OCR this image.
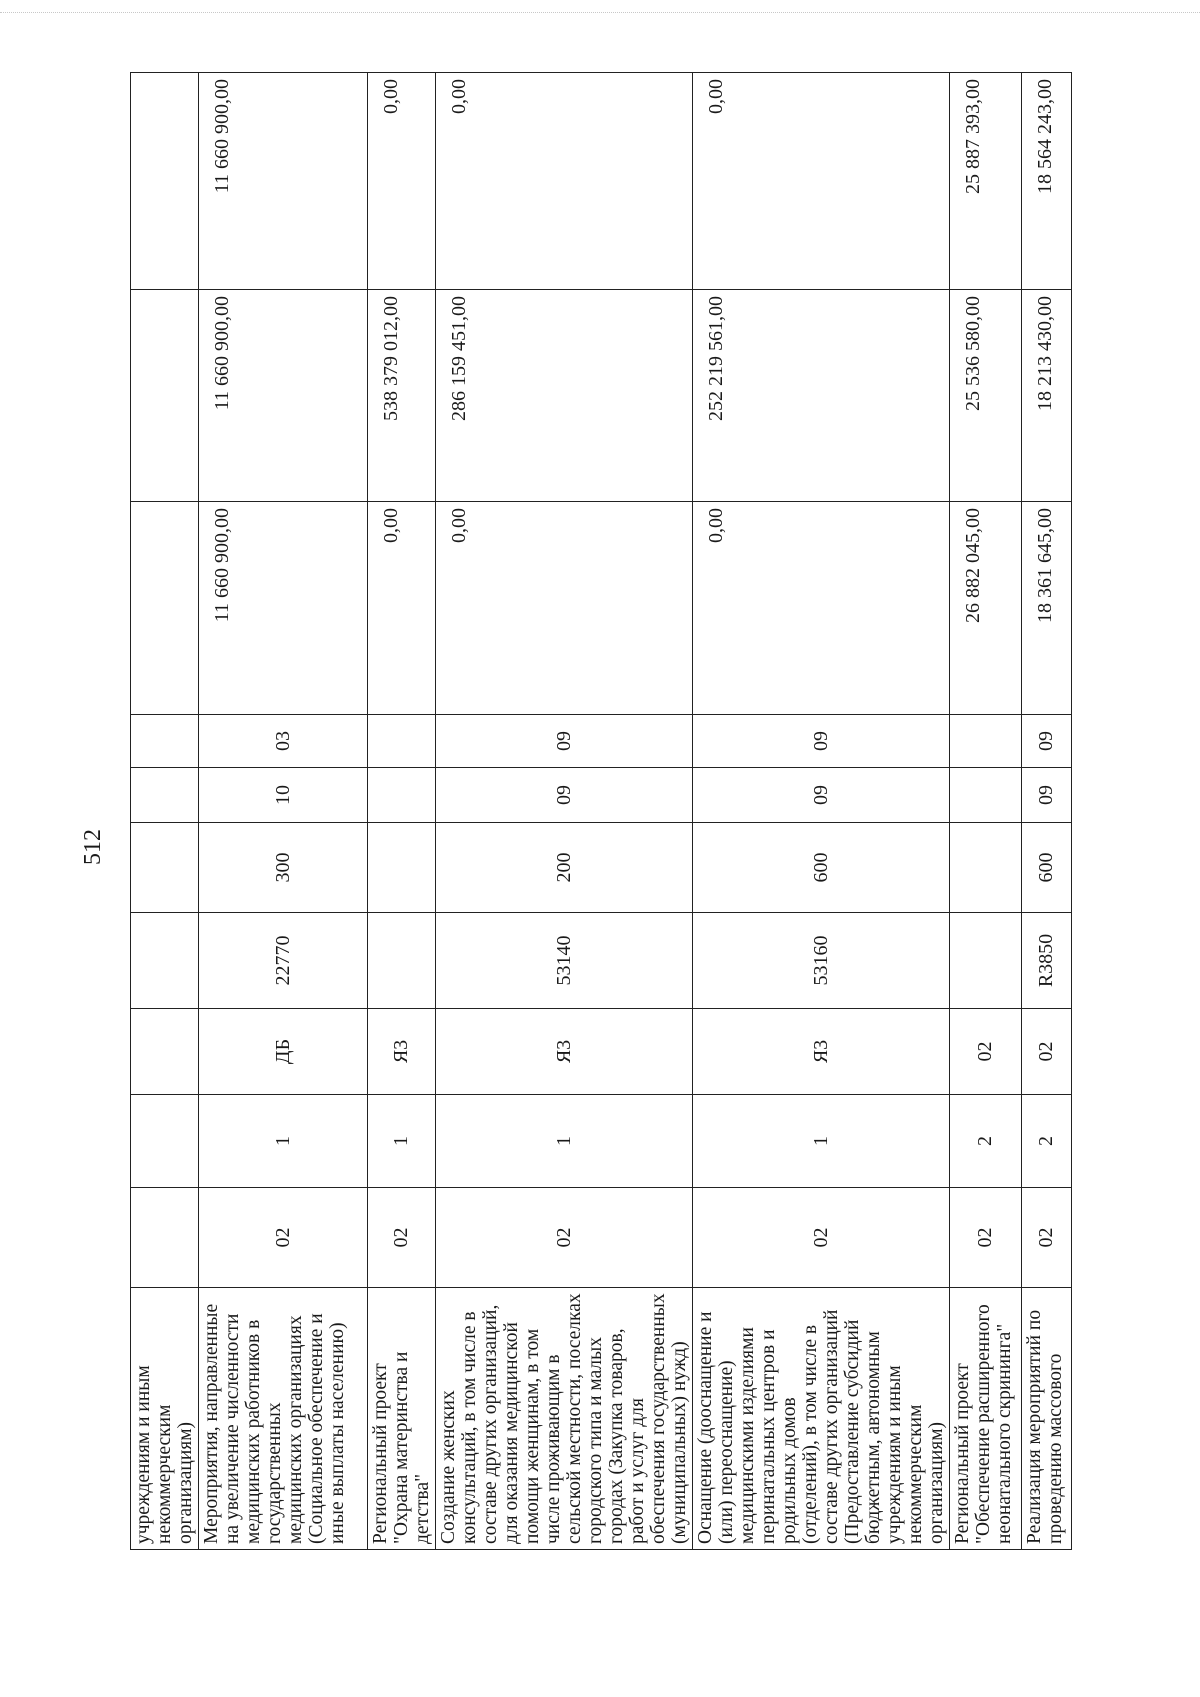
512
учреждениям и иным некоммерческим организациям)										
Мероприятия, направленные на увеличение численности медицинских работников в государственных медицинских организациях (Социальное обеспечение и иные выплаты населению)	02	1	ДБ	22770	300	10	03	11 660 900,00	11 660 900,00	11 660 900,00
Региональный проект "Охрана материнства и детства"	02	1	Я3					0,00	538 379 012,00	0,00
Создание женских консультаций, в том числе в составе других организаций, для оказания медицинской помощи женщинам, в том числе проживающим в сельской местности, поселках городского типа и малых городах (Закупка товаров, работ и услуг для обеспечения государственных (муниципальных) нужд)	02	1	Я3	53140	200	09	09	0,00	286 159 451,00	0,00
Оснащение (дооснащение и (или) переоснащение) медицинскими изделиями перинатальных центров и родильных домов (отделений), в том числе в составе других организаций (Предоставление субсидий бюджетным, автономным учреждениям и иным некоммерческим организациям)	02	1	Я3	53160	600	09	09	0,00	252 219 561,00	0,00
Региональный проект "Обеспечение расширенного неонатального скрининга"	02	2	02					26 882 045,00	25 536 580,00	25 887 393,00
Реализация мероприятий по проведению массового	02	2	02	R3850	600	09	09	18 361 645,00	18 213 430,00	18 564 243,00
